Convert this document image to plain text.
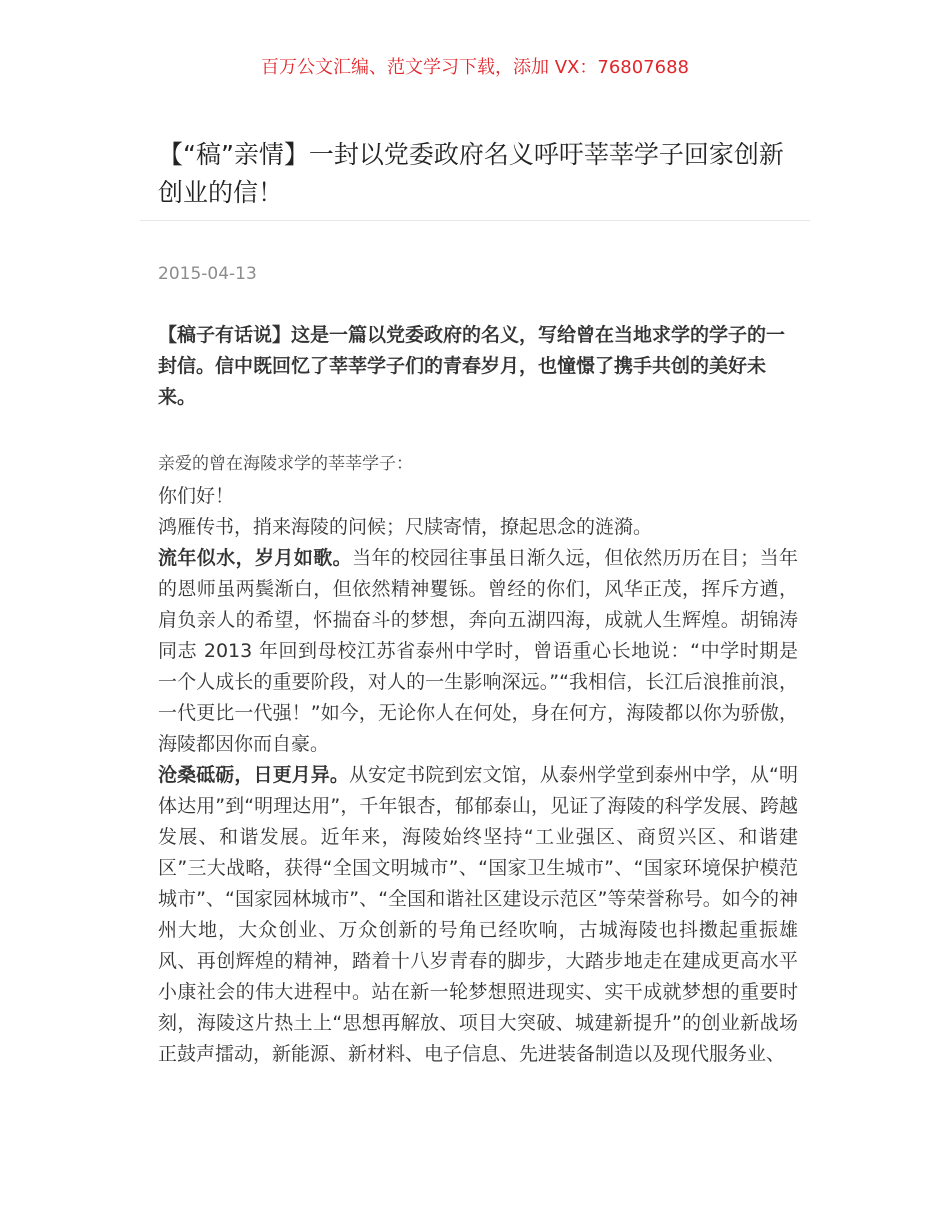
百万公文汇编、范文学习下载，添加 VX：76807688

【“稿”亲情】一封以党委政府名义呼吁莘莘学子回家创新创业的信！

2015-04-13

【稿子有话说】这是一篇以党委政府的名义，写给曾在当地求学的学子的一封信。信中既回忆了莘莘学子们的青春岁月，也憧憬了携手共创的美好未来。

亲爱的曾在海陵求学的莘莘学子：

你们好！

鸿雁传书，捎来海陵的问候；尺牍寄情，撩起思念的涟漪。

流年似水，岁月如歌。当年的校园往事虽日渐久远，但依然历历在目；当年的恩师虽两鬓渐白，但依然精神矍铄。曾经的你们，风华正茂，挥斥方遒，肩负亲人的希望，怀揣奋斗的梦想，奔向五湖四海，成就人生辉煌。胡锦涛同志 2013 年回到母校江苏省泰州中学时，曾语重心长地说：“中学时期是一个人成长的重要阶段，对人的一生影响深远。”“我相信，长江后浪推前浪，一代更比一代强！”如今，无论你人在何处，身在何方，海陵都以你为骄傲，海陵都因你而自豪。

沧桑砥砺，日更月异。从安定书院到宏文馆，从泰州学堂到泰州中学，从“明体达用”到“明理达用”，千年银杏，郁郁泰山，见证了海陵的科学发展、跨越发展、和谐发展。近年来，海陵始终坚持“工业强区、商贸兴区、和谐建区”三大战略，获得“全国文明城市”、“国家卫生城市”、“国家环境保护模范城市”、“国家园林城市”、“全国和谐社区建设示范区”等荣誉称号。如今的神州大地，大众创业、万众创新的号角已经吹响，古城海陵也抖擞起重振雄风、再创辉煌的精神，踏着十八岁青春的脚步，大踏步地走在建成更高水平小康社会的伟大进程中。站在新一轮梦想照进现实、实干成就梦想的重要时刻，海陵这片热土上“思想再解放、项目大突破、城建新提升”的创业新战场正鼓声擂动，新能源、新材料、电子信息、先进装备制造以及现代服务业、
